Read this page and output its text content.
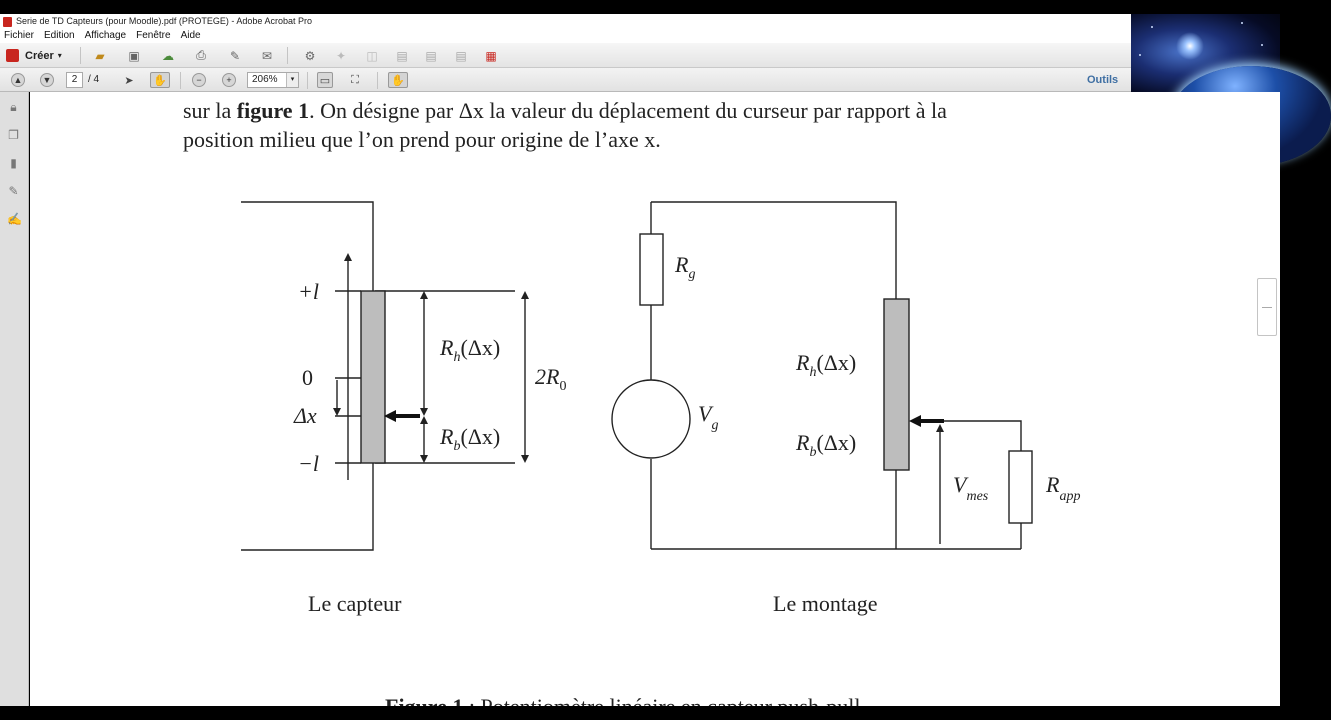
Serie de TD Capteurs (pour Moodle).pdf (PROTEGE) - Adobe Acrobat Pro
Fichier Edition Affichage Fenêtre Aide
Créer ▾	▰ ▣ ☁ ⎙ ✎ ✉	⚙ ✦ ◫ ▤ ▤ ▤ ▦
▲ ▼	2	/ 4	➤	✋	−	+	206%	▾	▭	⛶	✋	Outils
🔒︎
❐
▮
✎
✍
sur la figure 1. On désigne par Δx la valeur du déplacement du curseur par rapport à la
position milieu que l’on prend pour origine de l’axe x.
+l
0
Δx
−l
$R_h(\Delta x)$
$R_b(\Delta x)$
$2R_0$
Le capteur
$R_g$
$V_g$
$R_h(\Delta x)$
$R_b(\Delta x)$
$V_{mes}$	$R_{app}$
Le montage
